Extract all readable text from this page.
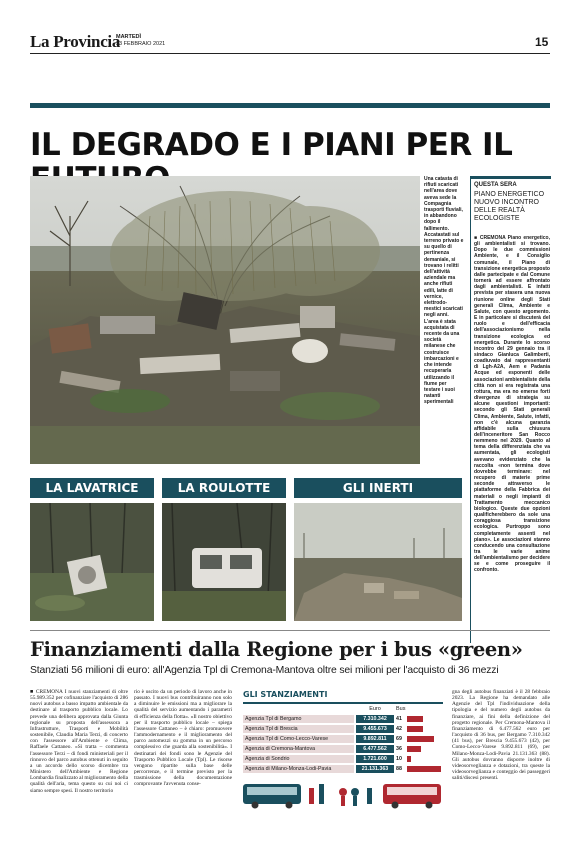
La Provincia
MARTEDÌ
23 FEBBRAIO 2021	15
IL DEGRADO E I PIANI PER IL
Una catasta di rifiuti scaricati nell'area dove aveva sede la Compagnia trasporti fluviali, in abbandono dopo il fallimento. Accatastati sul terreno privato e su quello di pertinenza demaniale, si trovano i relitti dell'attività aziendale ma anche rifiuti edili, latte di vernice, elettrodo-mestici scaricati negli anni. L'area è stata acquistata di recente da una società milanese che costruisce imbarcazioni e che intende recuperarla utilizzando il fiume per testare i suoi natanti sperimentali
QUESTA SERA
PIANO ENERGETICO NUOVO INCONTRO DELLE REALTÀ ECOLOGISTE
■ CREMONA Piano energetico, gli ambientalisti si trovano. Dopo le due commissioni Ambiente, e il Consiglio comunale, il Piano di transizione energetica proposto dalle partecipate e dal Comune tornerà ad essere affrontato dagli ambientalisti. E infatti prevista per stasera una nuova riunione online degli Stati generali Clima, Ambiente e Salute, con questo argomento. E in particolare si discuterà del ruolo e dell'efficacia dell'associazionismo nella transizione ecologica ed energetica. Durante lo scorso incontro del 29 gennaio tra il sindaco Gianluca Galimberti, coadiuvato dai rappresentanti di Lgh-A2A, Aem e Padania Acque ed esponenti delle associazioni ambientaliste della città non si era registrata una rottura, ma era no emerse forti divergenze di strategia su alcune questioni importanti: secondo gli Stati generali Clima, Ambiente, Salute, infatti, non c'è alcuna garanzia affidabile sulla chiusura dell'inceneritore San Rocco nemmeno nel 2029. Quanto al tema della differenziata che va aumentata, gli ecologisti avevano evidenziato che la raccolta «non termina dove dovrebbe terminare: nel recupero di materie prime seconde attraverso le piattaforme della Fabbrica dei materiali o negli impianti di Trattamento meccanico biologico. Queste due opzioni qualificherebbero da sole una coraggiosa transizione ecologica. Purtroppo sono completamente assenti nel piano». Le associazioni stanno conducendo una consultazione tra le varie anime dell'ambientalismo per decidere se e come proseguire il confronto.
LA LAVATRICE	LA ROULOTTE	GLI INERTI
Finanziamenti dalla Regione per i bus «green»
Stanziati 56 milioni di euro: all'Agenzia Tpl di Cremona-Mantova oltre sei milioni per l'acquisto di 36 mezzi
■ CREMONA I nuovi stanziamenti di oltre 55.989.352 per cofinanziare l'acquisto di 286 nuovi autobus a basso impatto ambientale da destinare al trasporto pubblico locale. Lo prevede una delibera approvata dalla Giunta regionale su proposta dell'assessora a Infrastrutture, Trasporti e Mobilità sostenibile, Claudia Maria Terzi, di concerto con l'assessore all'Ambiente e Clima, Raffaele Cattaneo. «Si tratta – commenta l'assessore Terzi – di fondi ministeriali per il rinnovo del parco autobus ottenuti in seguito a un accordo dello scorso dicembre tra Ministero dell'Ambiente e Regione Lombardia finalizzato al miglioramento della qualità dell'aria, tema questo su cui noi ci siamo sempre spesi. Il nostro territorio
rio è uscito da un periodo di lavoro anche in passato. I nuovi bus contribuiranno non solo a diminuire le emissioni ma a migliorare la qualità del servizio aumentando i parametri di efficienza della flotta». «Il nostro obiettivo per il trasporto pubblico locale – spiega l'assessore Cattaneo – è chiaro: promuovere l'ammodernamento e il miglioramento del parco automezzi su gomma in un percorso complessivo che guarda alla sostenibilità». I destinatari dei fondi sono le Agenzie del Trasporto Pubblico Locale (Tpl). Le risorse vengono ripartite sulla base delle percorrenze, e il termine previsto per la trasmissione della documentazione comprovante l'avvenuta conse-
gna degli autobus finanziati è il 28 febbraio 2023. La Regione ha demandato alle Agenzie del Tpl l'individuazione della tipologia e del numero degli autobus da finanziare, ai fini della definizione del progetto regionale. Per Cremona-Mantova il finanziamento di 6.477.562 euro per l'acquisto di 36 bus, per Bergamo 7.310.342 (41 bus), per Brescia 9.455.673 (42), per Como-Lecco-Varese 9.892.811 (69), per Milano-Monza-Lodi-Pavia 21.131.363 (88). Gli autobus dovranno disporre inoltre di videosorveglianza e dotazioni, tra queste la videosorveglianza e conteggio dei passeggeri saliti/discesi presenti.
GLI STANZIAMENTI
Euro	Bus
Agenzia Tpl di Bergamo	7.310.342	41
Agenzia Tpl di Brescia	9.455.673	42
Agenzia Tpl di Como-Lecco-Varese	9.892.811	69
Agenzia di Cremona-Mantova	6.477.562	36
Agenzia di Sondrio	1.721.600	10
Agenzia di Milano-Monza-Lodi-Pavia	21.131.363	88
